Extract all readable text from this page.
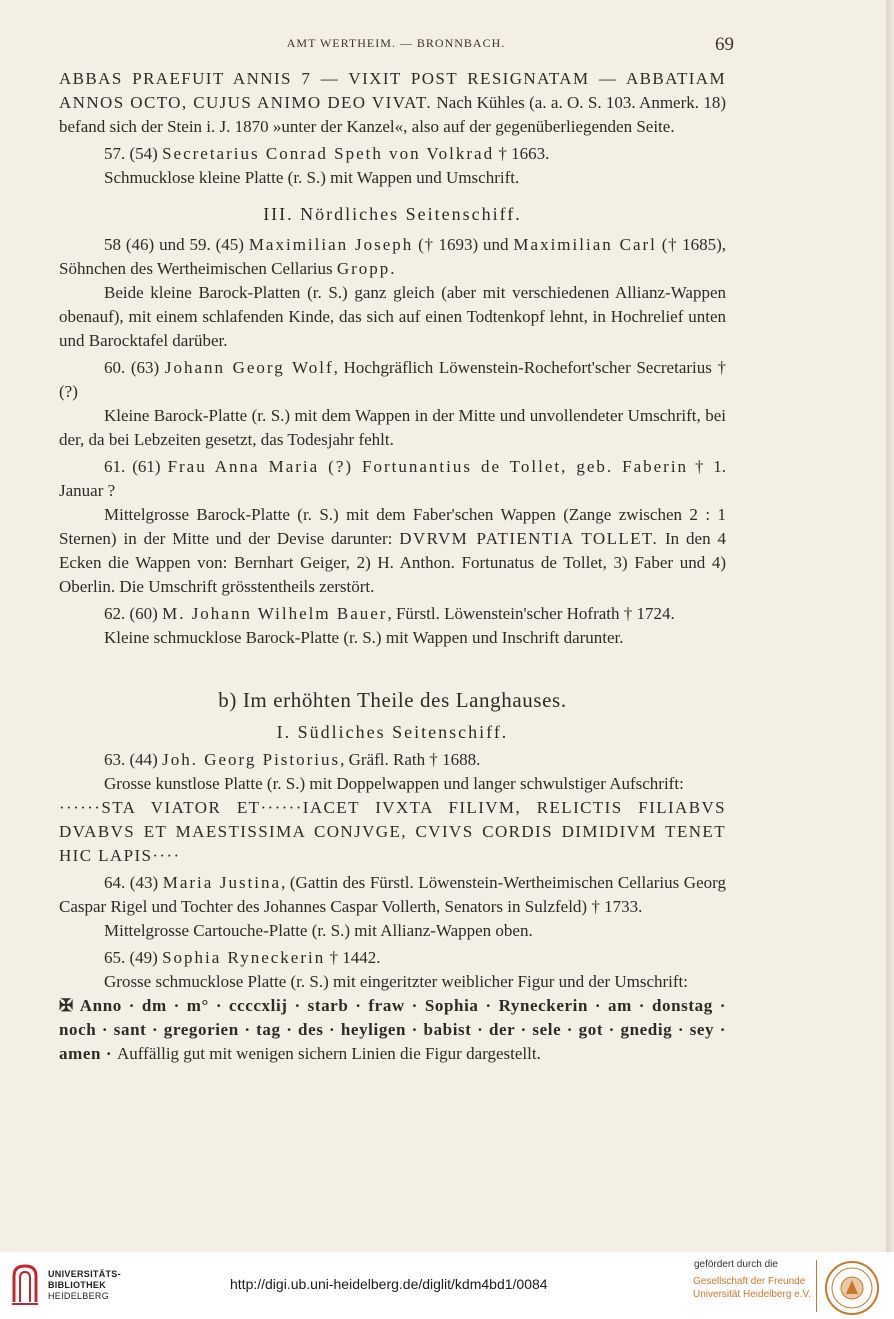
AMT WERTHEIM. — BRONNBACH.	69

ABBAS PRAEFUIT ANNIS 7 — VIXIT POST RESIGNATAM — ABBATIAM ANNOS OCTO, CUJUS ANIMO DEO VIVAT. Nach Kühles (a. a. O. S. 103. Anmerk. 18) befand sich der Stein i. J. 1870 »unter der Kanzel«, also auf der gegenüberliegenden Seite.

57. (54) Secretarius Conrad Speth von Volkrad † 1663.

Schmucklose kleine Platte (r. S.) mit Wappen und Umschrift.

III. Nördliches Seitenschiff.

58 (46) und 59. (45) Maximilian Joseph († 1693) und Maximilian Carl († 1685), Söhnchen des Wertheimischen Cellarius Gropp.

Beide kleine Barock-Platten (r. S.) ganz gleich (aber mit verschiedenen Allianz-Wappen obenauf), mit einem schlafenden Kinde, das sich auf einen Todtenkopf lehnt, in Hochrelief unten und Barocktafel darüber.

60. (63) Johann Georg Wolf, Hochgräflich Löwenstein-Rochefort'scher Secretarius † (?)

Kleine Barock-Platte (r. S.) mit dem Wappen in der Mitte und unvollendeter Umschrift, bei der, da bei Lebzeiten gesetzt, das Todesjahr fehlt.

61. (61) Frau Anna Maria (?) Fortunantius de Tollet, geb. Faberin † 1. Januar ?

Mittelgrosse Barock-Platte (r. S.) mit dem Faber'schen Wappen (Zange zwischen 2 : 1 Sternen) in der Mitte und der Devise darunter: DVRVM PATIENTIA TOLLET. In den 4 Ecken die Wappen von: Bernhart Geiger, 2) H. Anthon. Fortunatus de Tollet, 3) Faber und 4) Oberlin. Die Umschrift grösstentheils zerstört.

62. (60) M. Johann Wilhelm Bauer, Fürstl. Löwenstein'scher Hofrath † 1724.

Kleine schmucklose Barock-Platte (r. S.) mit Wappen und Inschrift darunter.

b) Im erhöhten Theile des Langhauses.

I. Südliches Seitenschiff.

63. (44) Joh. Georg Pistorius, Gräfl. Rath † 1688.

Grosse kunstlose Platte (r. S.) mit Doppelwappen und langer schwulstiger Aufschrift:

······STA VIATOR ET······IACET IVXTA FILIVM, RELICTIS FILIABVS DVABVS ET MAESTISSIMA CONJVGE, CVIVS CORDIS DIMIDIVM TENET HIC LAPIS····

64. (43) Maria Justina, (Gattin des Fürstl. Löwenstein-Wertheimischen Cellarius Georg Caspar Rigel und Tochter des Johannes Caspar Vollerth, Senators in Sulzfeld) † 1733.

Mittelgrosse Cartouche-Platte (r. S.) mit Allianz-Wappen oben.

65. (49) Sophia Ryneckerin † 1442.

Grosse schmucklose Platte (r. S.) mit eingeritzter weiblicher Figur und der Umschrift:

✠ Anno · dm · m° · ccccxlij · starb · fraw · Sophia · Ryneckerin · am · donstag · noch · sant · gregorien · tag · des · heyligen · babist · der · sele · got · gnedig · sey · amen · Auffällig gut mit wenigen sichern Linien die Figur dargestellt.

UNIVERSITÄTS-
BIBLIOTHEK
HEIDELBERG
http://digi.ub.uni-heidelberg.de/diglit/kdm4bd1/0084
gefördert durch die
Gesellschaft der Freunde
Universität Heidelberg e.V.
